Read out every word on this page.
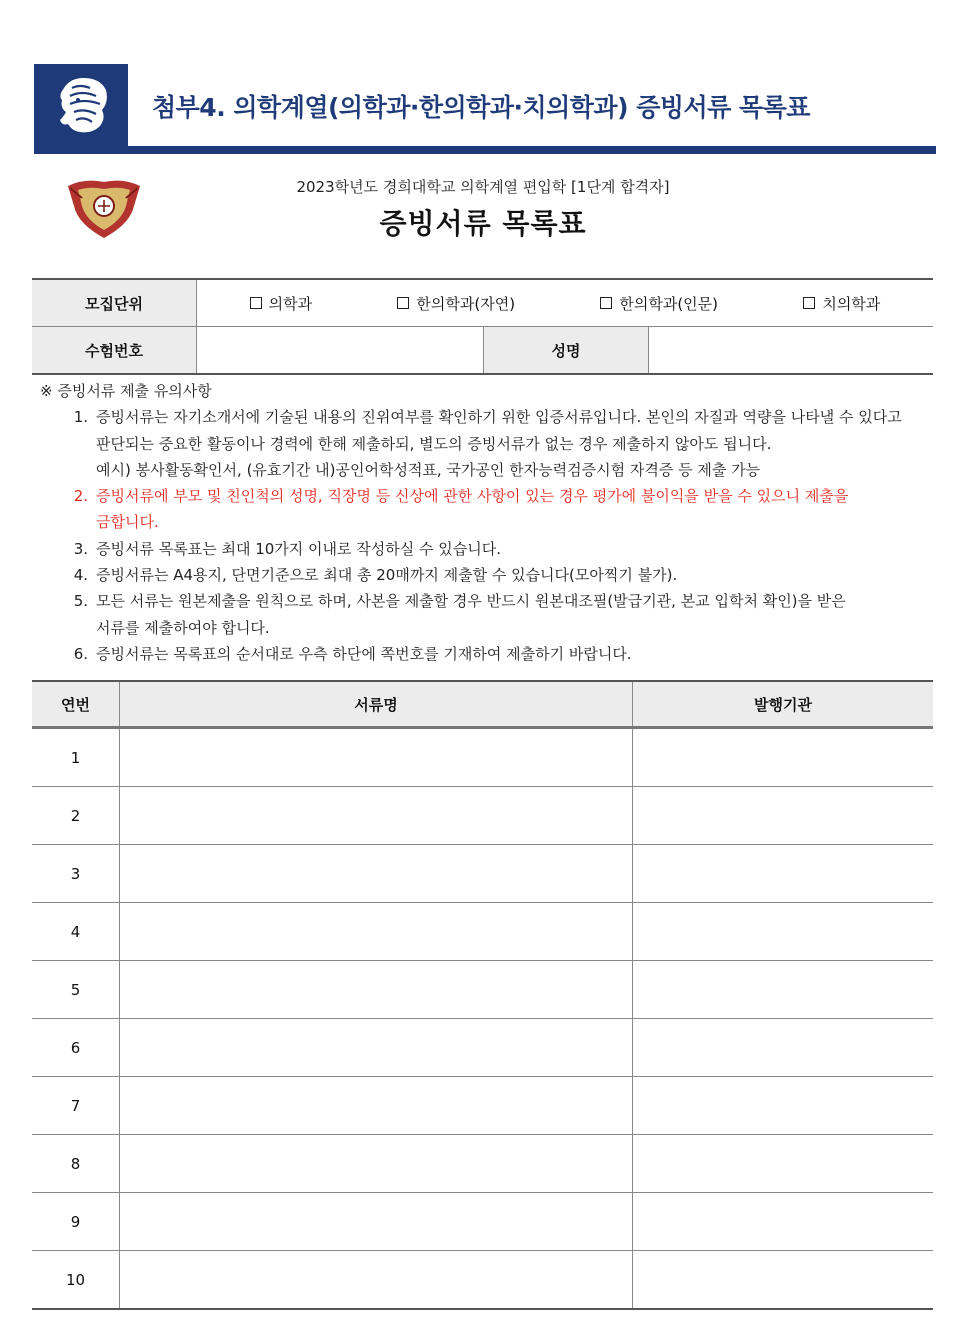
첨부4. 의학계열(의학과·한의학과·치의학과) 증빙서류 목록표
2023학년도 경희대학교 의학계열 편입학 [1단계 합격자]
증빙서류 목록표
모집단위	의학과 한의학과(자연) 한의학과(인문) 치의학과		

수험번호		성명	
※ 증빙서류 제출 유의사항
1. 증빙서류는 자기소개서에 기술된 내용의 진위여부를 확인하기 위한 입증서류입니다. 본인의 자질과 역량을 나타낼 수 있다고
판단되는 중요한 활동이나 경력에 한해 제출하되, 별도의 증빙서류가 없는 경우 제출하지 않아도 됩니다.
예시) 봉사활동확인서, (유효기간 내)공인어학성적표, 국가공인 한자능력검증시험 자격증 등 제출 가능
2. 증빙서류에 부모 및 친인척의 성명, 직장명 등 신상에 관한 사항이 있는 경우 평가에 불이익을 받을 수 있으니 제출을
금합니다.
3. 증빙서류 목록표는 최대 10가지 이내로 작성하실 수 있습니다.
4. 증빙서류는 A4용지, 단면기준으로 최대 총 20매까지 제출할 수 있습니다(모아찍기 불가).
5. 모든 서류는 원본제출을 원칙으로 하며, 사본을 제출할 경우 반드시 원본대조필(발급기관, 본교 입학처 확인)을 받은
서류를 제출하여야 합니다.
6. 증빙서류는 목록표의 순서대로 우측 하단에 쪽번호를 기재하여 제출하기 바랍니다.
연번	서류명	발행기관
1		
2		
3		
4		
5		
6		
7		
8		
9		
10		
